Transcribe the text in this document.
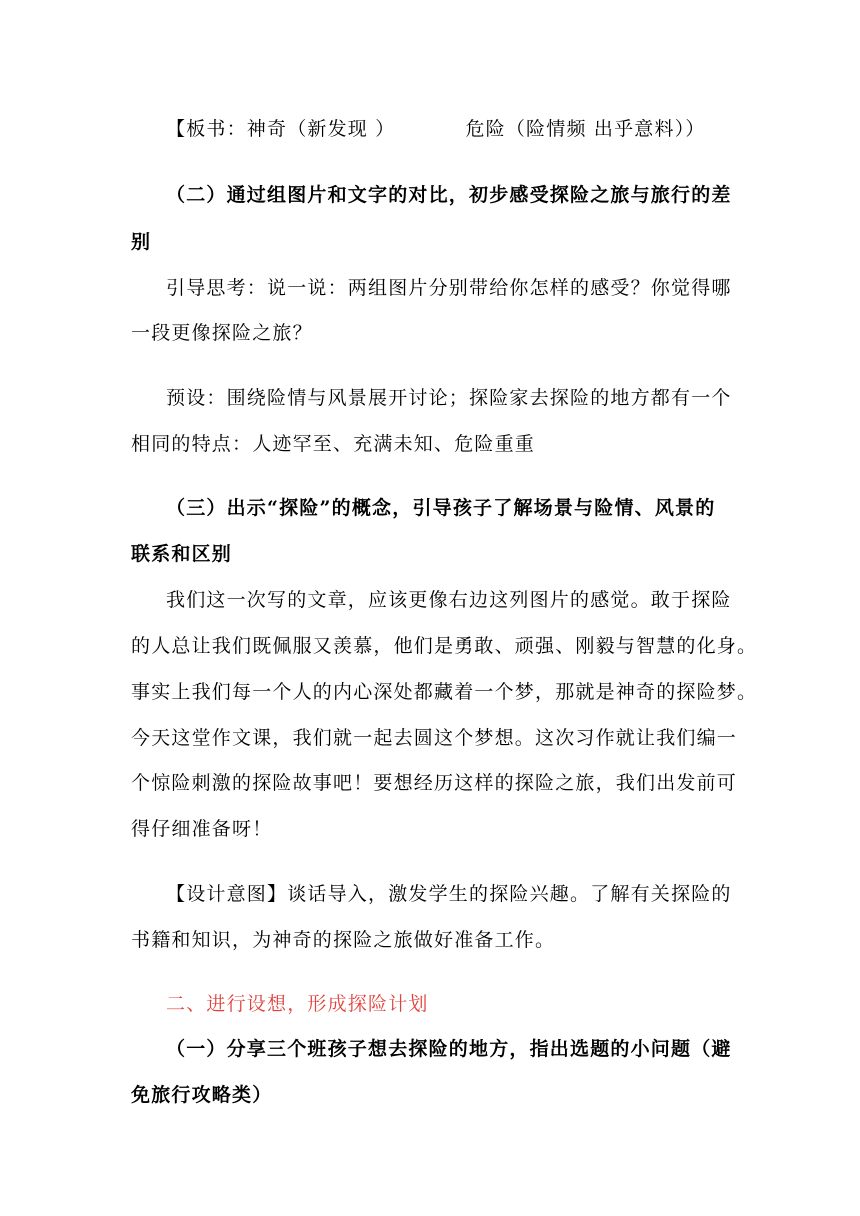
【板书：神奇（新发现 ）	危险（险情频 出乎意料））
（二）通过组图片和文字的对比，初步感受探险之旅与旅行的差
别
引导思考：说一说：两组图片分别带给你怎样的感受？你觉得哪
一段更像探险之旅？
预设：围绕险情与风景展开讨论；探险家去探险的地方都有一个
相同的特点：人迹罕至、充满未知、危险重重
（三）出示“探险”的概念，引导孩子了解场景与险情、风景的
联系和区别
我们这一次写的文章，应该更像右边这列图片的感觉。敢于探险
的人总让我们既佩服又羡慕，他们是勇敢、顽强、刚毅与智慧的化身。
事实上我们每一个人的内心深处都藏着一个梦，那就是神奇的探险梦。
今天这堂作文课，我们就一起去圆这个梦想。这次习作就让我们编一
个惊险刺激的探险故事吧！要想经历这样的探险之旅，我们出发前可
得仔细准备呀！
【设计意图】谈话导入，激发学生的探险兴趣。了解有关探险的
书籍和知识，为神奇的探险之旅做好准备工作。
二、进行设想，形成探险计划
（一）分享三个班孩子想去探险的地方，指出选题的小问题（避
免旅行攻略类）
